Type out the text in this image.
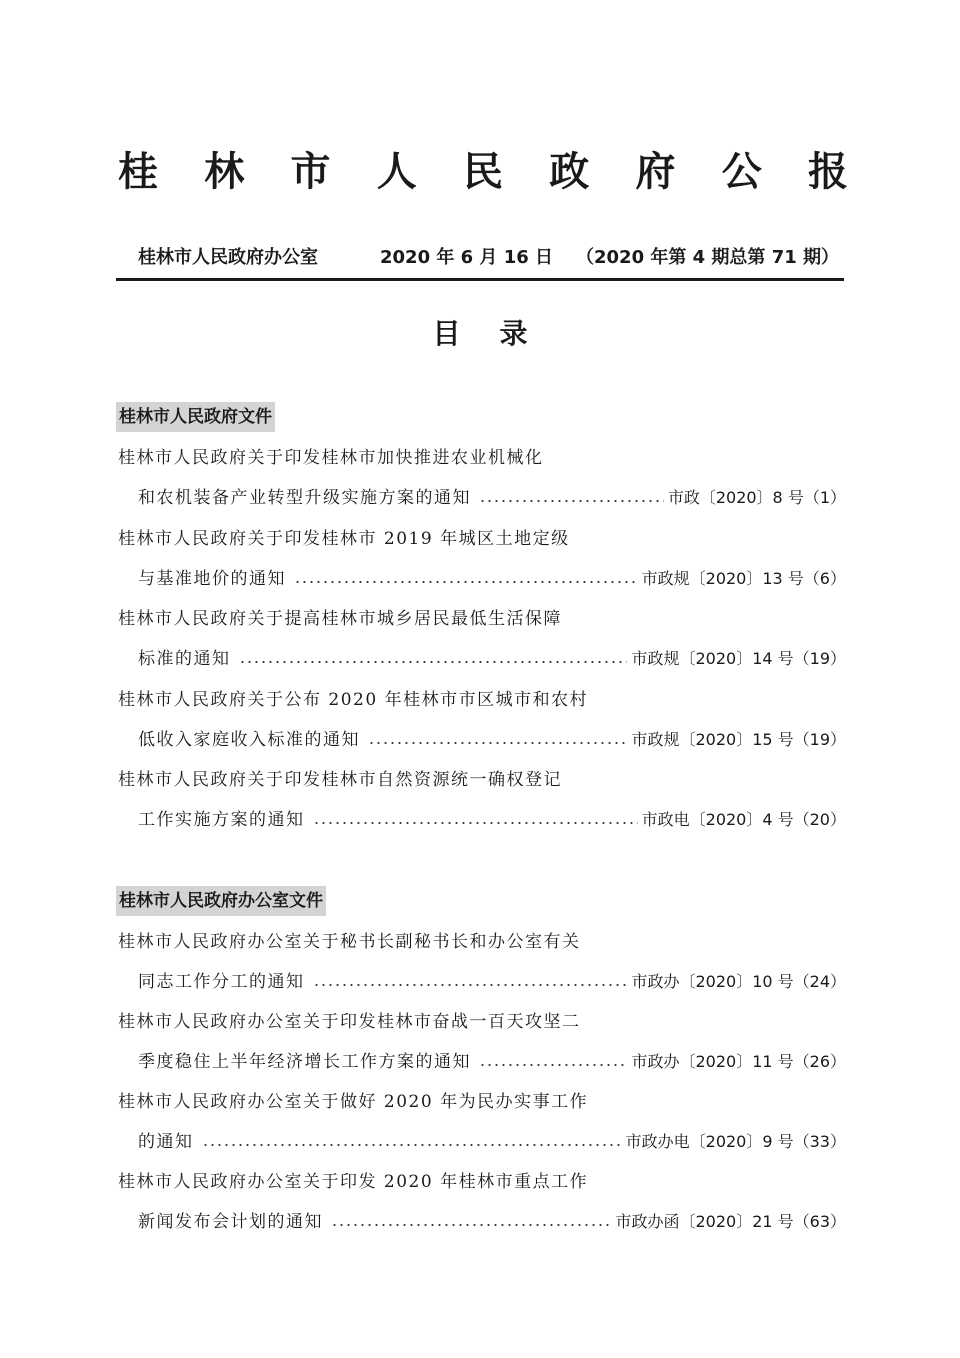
桂 林 市 人 民 政 府 公 报
桂林市人民政府办公室	2020 年 6 月 16 日 （2020 年第 4 期总第 71 期）
目    录
桂林市人民政府文件
桂林市人民政府关于印发桂林市加快推进农业机械化
和农机装备产业转型升级实施方案的通知	市政〔2020〕8 号（1）
桂林市人民政府关于印发桂林市 2019 年城区土地定级
与基准地价的通知	市政规〔2020〕13 号（6）
桂林市人民政府关于提高桂林市城乡居民最低生活保障
标准的通知	市政规〔2020〕14 号（19）
桂林市人民政府关于公布 2020 年桂林市市区城市和农村
低收入家庭收入标准的通知	市政规〔2020〕15 号（19）
桂林市人民政府关于印发桂林市自然资源统一确权登记
工作实施方案的通知	市政电〔2020〕4 号（20）
桂林市人民政府办公室文件
桂林市人民政府办公室关于秘书长副秘书长和办公室有关
同志工作分工的通知	市政办〔2020〕10 号（24）
桂林市人民政府办公室关于印发桂林市奋战一百天攻坚二
季度稳住上半年经济增长工作方案的通知	市政办〔2020〕11 号（26）
桂林市人民政府办公室关于做好 2020 年为民办实事工作
的通知	市政办电〔2020〕9 号（33）
桂林市人民政府办公室关于印发 2020 年桂林市重点工作
新闻发布会计划的通知	市政办函〔2020〕21 号（63）
